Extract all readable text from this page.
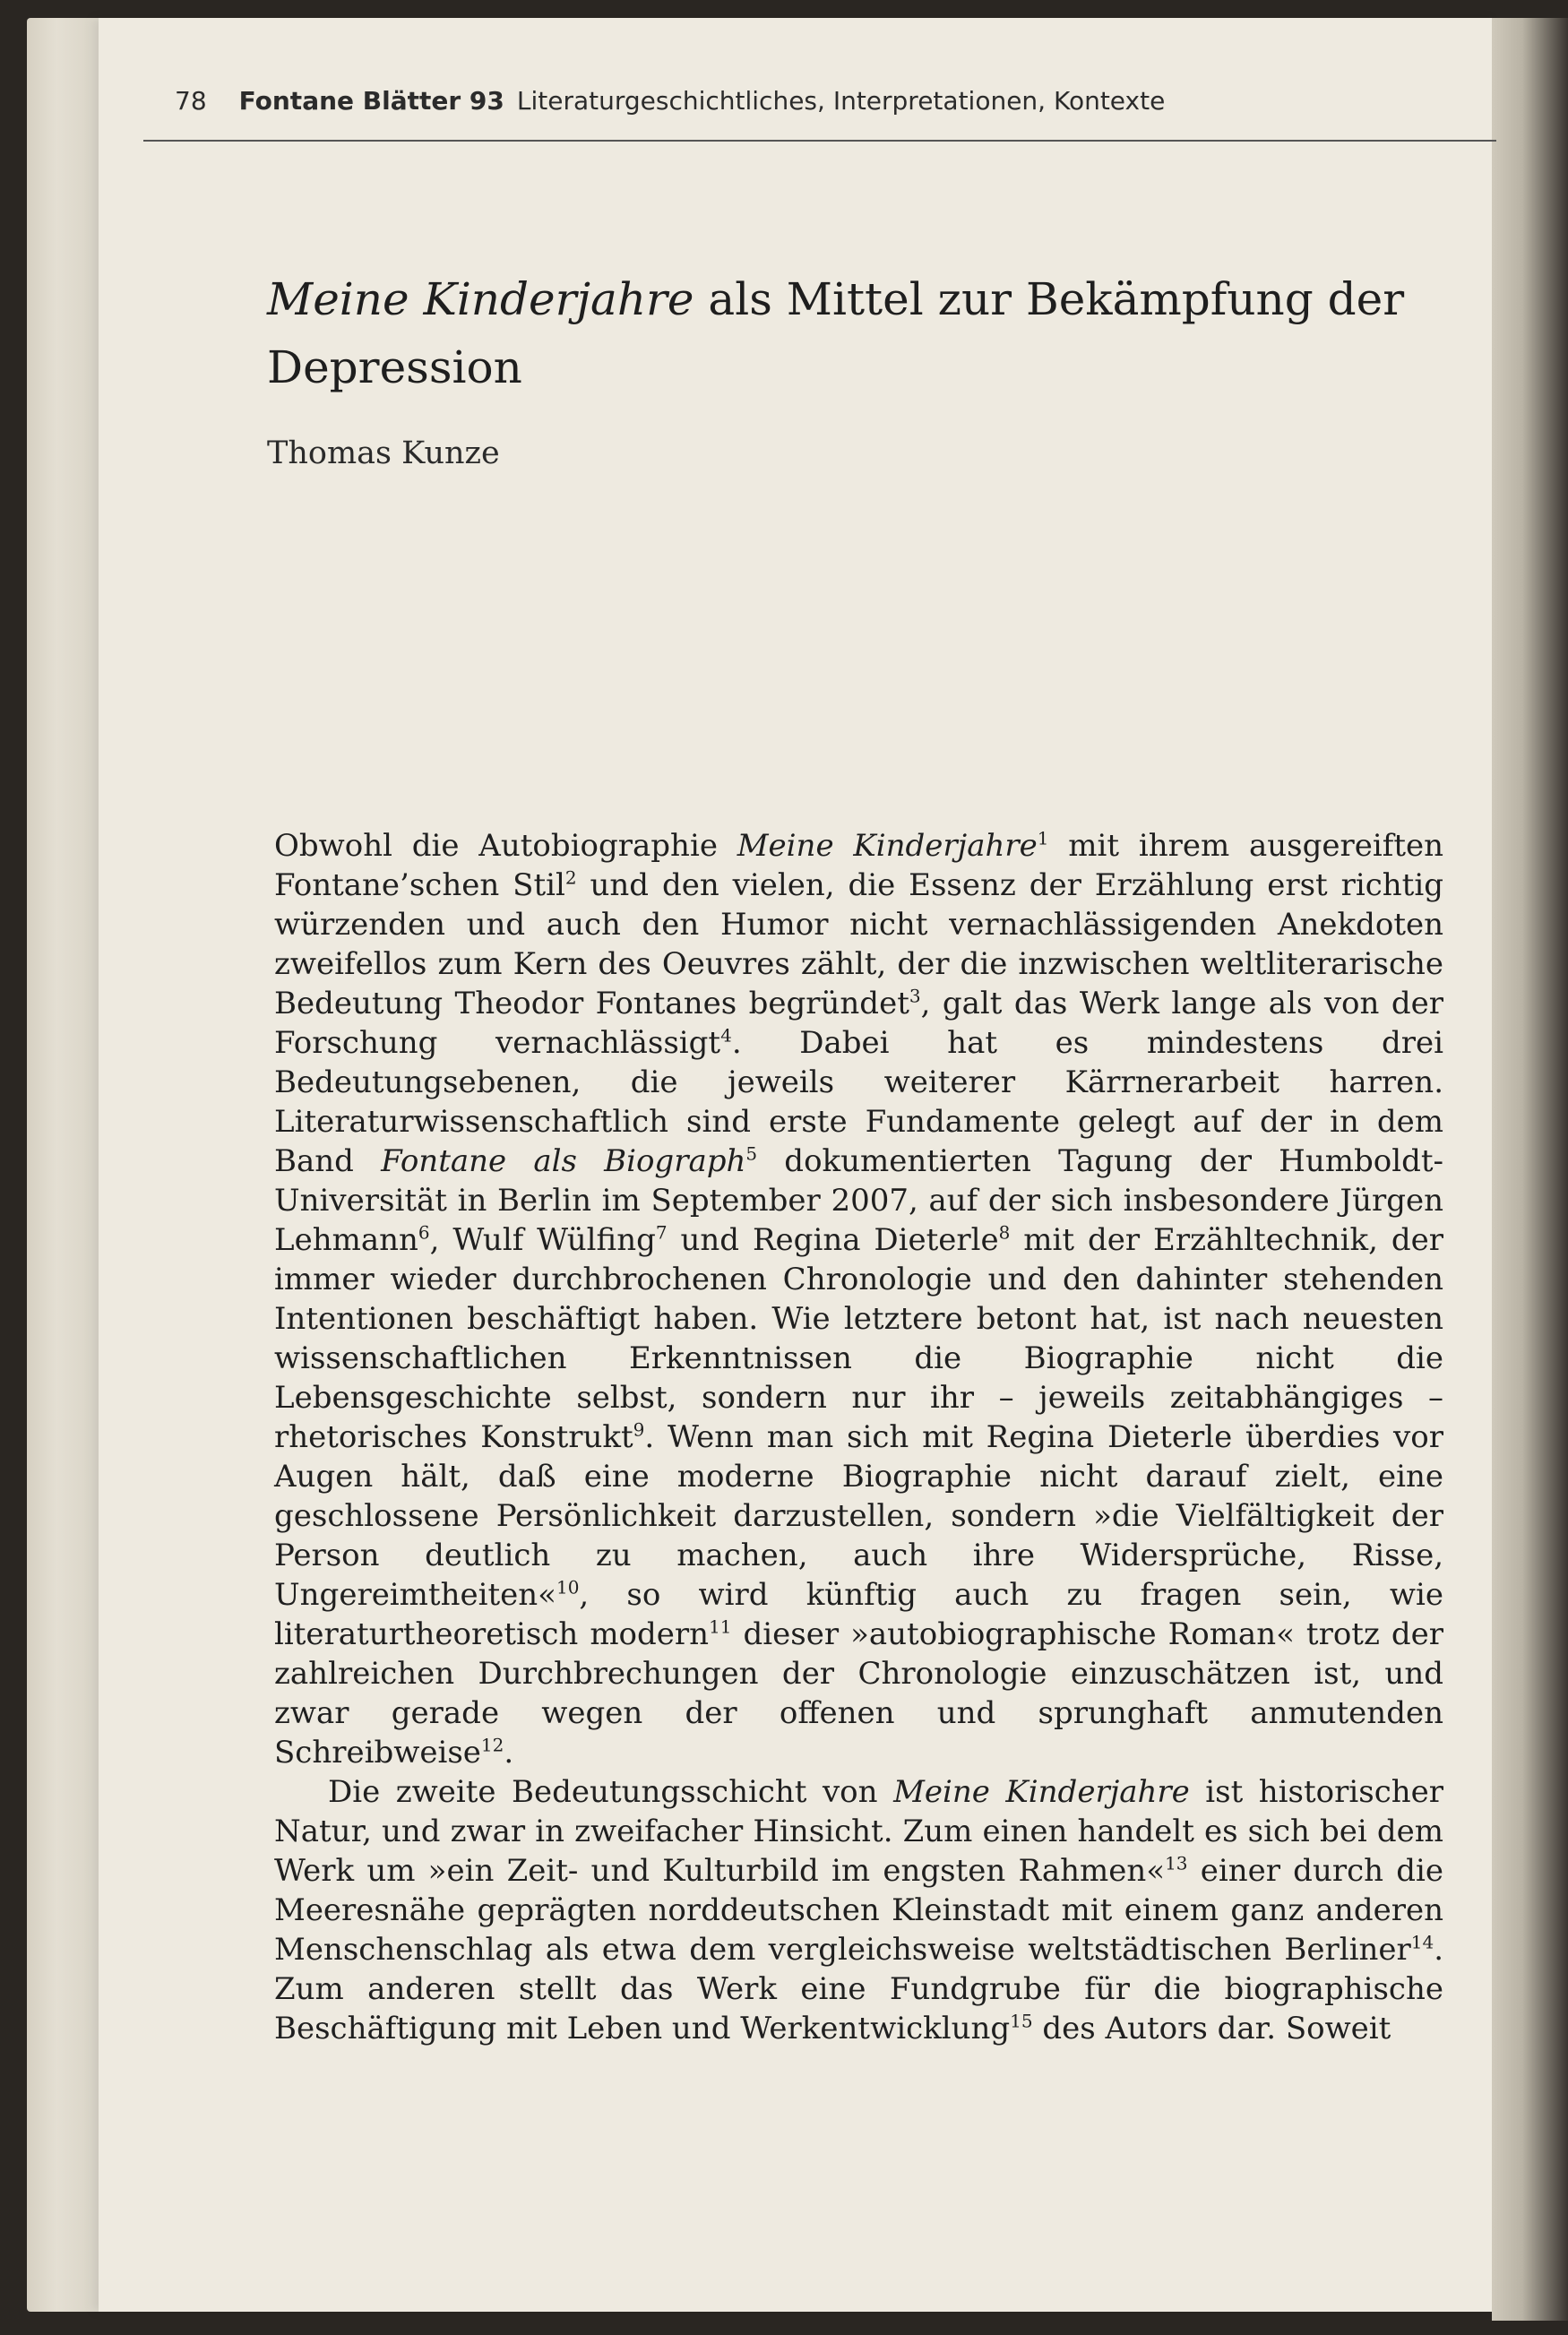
78 Fontane Blätter 93 Literaturgeschichtliches, Interpretationen, Kontexte
Meine Kinderjahre als Mittel zur Bekämpfung der Depression
Thomas Kunze

Obwohl die Autobiographie Meine Kinderjahre$^1$ mit ihrem ausgereiften Fontane’schen Stil$^2$ und den vielen, die Essenz der Erzählung erst richtig würzenden und auch den Humor nicht vernachlässigenden Anekdoten zweifellos zum Kern des Oeuvres zählt, der die inzwischen weltliterarische Bedeutung Theodor Fontanes begründet$^3$, galt das Werk lange als von der Forschung vernachlässigt$^4$. Dabei hat es mindestens drei Bedeutungsebenen, die jeweils weiterer Kärrnerarbeit harren. Literaturwissenschaftlich sind erste Fundamente gelegt auf der in dem Band Fontane als Biograph$^5$ dokumentierten Tagung der Humboldt-Universität in Berlin im September 2007, auf der sich insbesondere Jürgen Lehmann$^6$, Wulf Wülfing$^7$ und Regina Dieterle$^8$ mit der Erzähltechnik, der immer wieder durchbrochenen Chronologie und den dahinter stehenden Intentionen beschäftigt haben. Wie letztere betont hat, ist nach neuesten wissenschaftlichen Erkenntnissen die Biographie nicht die Lebensgeschichte selbst, sondern nur ihr – jeweils zeitabhängiges – rhetorisches Konstrukt$^9$. Wenn man sich mit Regina Dieterle überdies vor Augen hält, daß eine moderne Biographie nicht darauf zielt, eine geschlossene Persönlichkeit darzustellen, sondern »die Vielfältigkeit der Person deutlich zu machen, auch ihre Widersprüche, Risse, Ungereimtheiten«$^{10}$, so wird künftig auch zu fragen sein, wie literaturtheoretisch modern$^{11}$ dieser »autobiographische Roman« trotz der zahlreichen Durchbrechungen der Chronologie einzuschätzen ist, und zwar gerade wegen der offenen und sprunghaft anmutenden Schreibweise$^{12}$.

Die zweite Bedeutungsschicht von Meine Kinderjahre ist historischer Natur, und zwar in zweifacher Hinsicht. Zum einen handelt es sich bei dem Werk um »ein Zeit- und Kulturbild im engsten Rahmen«$^{13}$ einer durch die Meeresnähe geprägten norddeutschen Kleinstadt mit einem ganz anderen Menschenschlag als etwa dem vergleichsweise weltstädtischen Berliner$^{14}$. Zum anderen stellt das Werk eine Fundgrube für die biographische Beschäftigung mit Leben und Werkentwicklung$^{15}$ des Autors dar. Soweit
